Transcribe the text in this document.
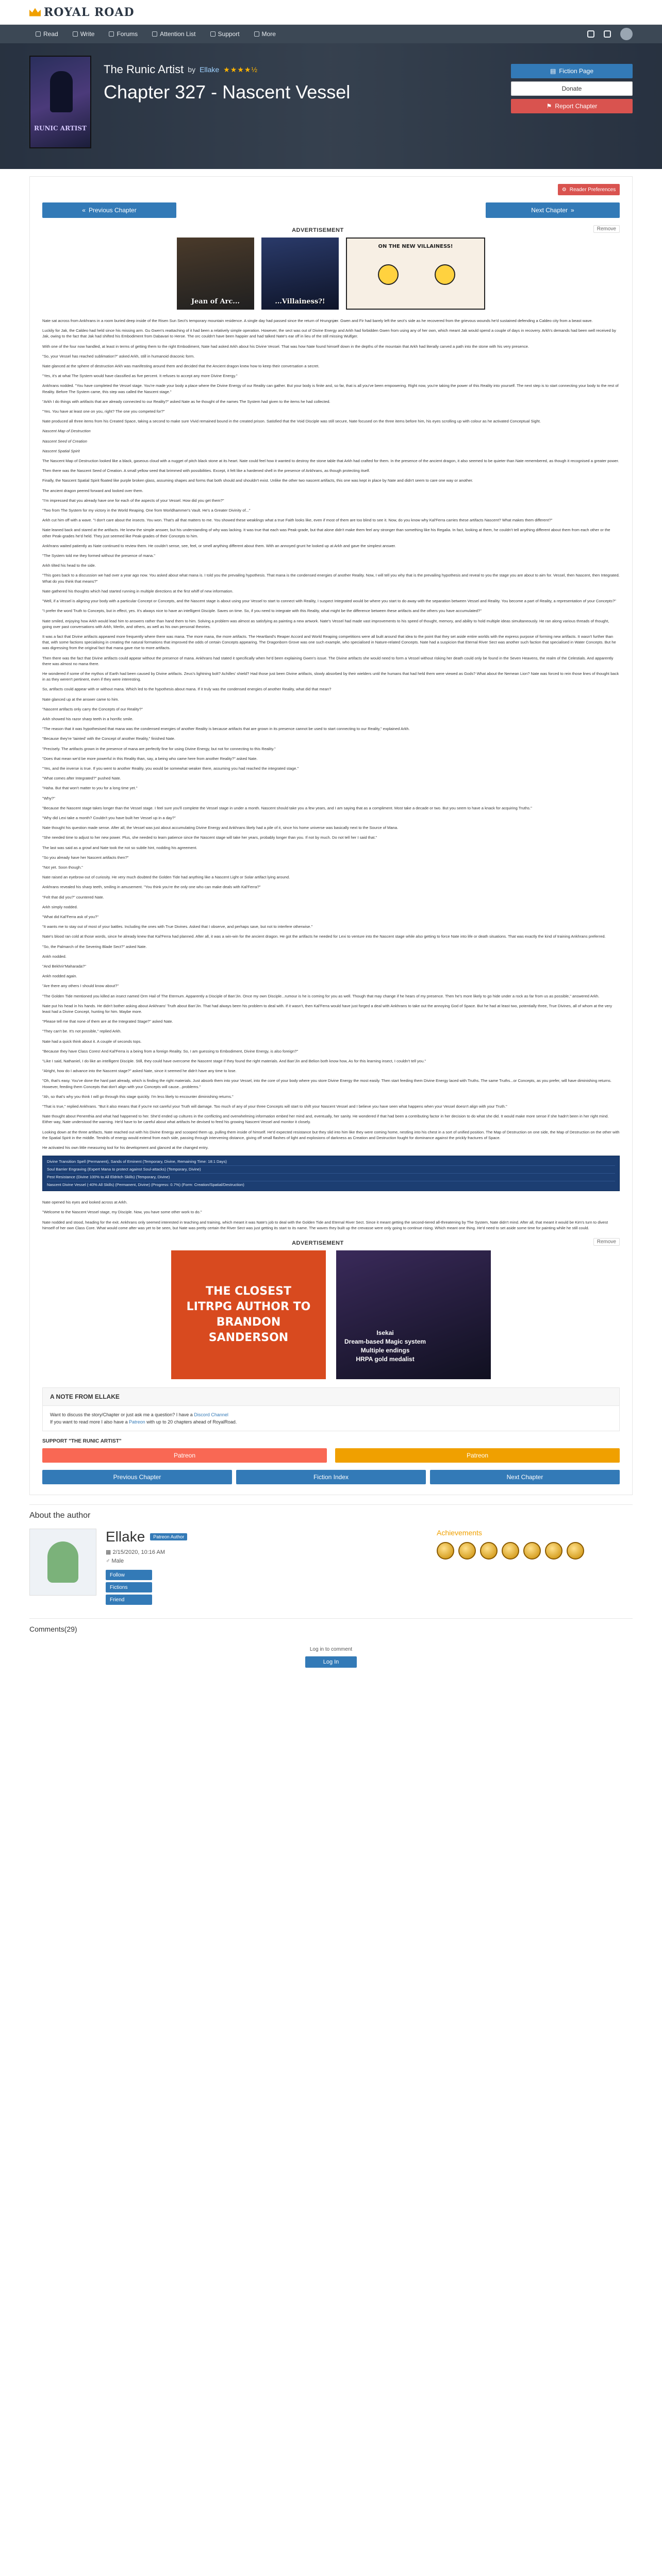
ROYAL ROAD
Read	Write	Forums	Attention List	Support	More
RUNIC ARTIST
The Runic Artist by Ellake ★★★★½
Chapter 327 - Nascent Vessel
▤ Fiction Page
Donate
⚑ Report Chapter
⚙ Reader Preferences
« Previous Chapter	Next Chapter »
ADVERTISEMENT	Remove
Jean of Arc...	...Villainess?!
ON THE NEW VILLAINESS!

Nate sat across from Ankhrans in a room buried deep inside of the Risen Sun Sect's temporary mountain residence. A single day had passed since the return of Hrungnjær. Gwen and Fir had barely left the sect's side as he recovered from the grievous wounds he'd sustained defending a Caldeo city from a beast wave.

Luckily for Jak, the Caldeo had held since his missing arm. Gu Gwen's reattaching of it had been a relatively simple operation. However, the sect was out of Divine Energy and Arkh had forbidden Gwen from using any of her own, which meant Jak would spend a couple of days in recovery. Arkh's demands had been well received by Jak, owing to the fact that Jak had shifted his Embodiment from Dabavari to Heroe. The orc couldn't have been happier and had talked Nate's ear off in lieu of the still missing Wulfger.

With one of the four now handled, at least in terms of getting them to the right Embodiment, Nate had asked Arkh about his Divine Vessel. That was how Nate found himself down in the depths of the mountain that Arkh had literally carved a path into the stone with his very presence.

"So, your Vessel has reached sublimation?" asked Arkh, still in humanoid draconic form.

Nate glanced at the sphere of destruction Arkh was manifesting around them and decided that the Ancient dragon knew how to keep their conversation a secret.

"Yes, it's at what The System would have classified as five percent. It refuses to accept any more Divine Energy."

Ankhrans nodded. "You have completed the Vessel stage. You're made your body a place where the Divine Energy of our Reality can gather. But your body is finite and, so far, that is all you've been empowering. Right now, you're taking the power of this Reality into yourself. The next step is to start connecting your body to the rest of Reality. Before The System came, this step was called the Nascent stage."

"Arkh I do things with artifacts that are already connected to our Reality?" asked Nate as he thought of the names The System had given to the items he had collected.

"Yes. You have at least one on you, right? The one you competed for?"

Nate produced all three items from his Created Space, taking a second to make sure Vivid remained bound in the created prison. Satisfied that the Void Disciple was still secure, Nate focused on the three items before him, his eyes scrolling up with colour as he activated Conceptual Sight.

Nascent Map of Destruction

Nascent Seed of Creation

Nascent Spatial Spirit

The Nascent Map of Destruction looked like a black, gaseous cloud with a nugget of pitch black stone at its heart. Nate could feel how it wanted to destroy the stone table that Arkh had crafted for them. In the presence of the ancient dragon, it also seemed to be quieter than Nate remembered, as though it recognised a greater power.

Then there was the Nascent Seed of Creation. A small yellow seed that brimmed with possibilities. Except, it felt like a hardened shell in the presence of Ankhrans, as though protecting itself.

Finally, the Nascent Spatial Spirit floated like purple broken glass, assuming shapes and forms that both should and shouldn't exist. Unlike the other two nascent artifacts, this one was kept in place by Nate and didn't seem to care one way or another.

The ancient dragon peered forward and looked over them.

"I'm impressed that you already have one for each of the aspects of your Vessel. How did you get them?"

"Two from The System for my victory in the World Reaping. One from Worldhammer's Vault. He's a Greater Divinity of..."

Arkh cut him off with a wave. "I don't care about the insects. You won. That's all that matters to me. You showed these weaklings what a true Faith looks like, even if most of them are too blind to see it. Now, do you know why Kal'Ferra carries these artifacts Nascent? What makes them different?"

Nate leaned back and stared at the artifacts. He knew the simple answer, but his understanding of why was lacking. It was true that each was Peak-grade, but that alone didn't make them feel any stronger than something like his Regalia. In fact, looking at them, he couldn't tell anything different about them from each other or the other Peak-grades he'd held. They just seemed like Peak-grades of their Concepts to him.

Ankhrans waited patiently as Nate continued to review them. He couldn't sense, see, feel, or smell anything different about them. With an annoyed grunt he looked up at Arkh and gave the simplest answer.

"The System told me they formed without the presence of mana."

Arkh tilted his head to the side.

"This goes back to a discussion we had over a year ago now. You asked about what mana is. I told you the prevailing hypothesis. That mana is the condensed energies of another Reality. Now, I will tell you why that is the prevailing hypothesis and reveal to you the stage you are about to aim for. Vessel, then Nascent, then Integrated. What do you think that means?"

Nate gathered his thoughts which had started running in multiple directions at the first whiff of new information.

"Well, if a Vessel is aligning your body with a particular Concept or Concepts, and the Nascent stage is about using your Vessel to start to connect with Reality, I suspect Integrated would be where you start to do away with the separation between Vessel and Reality. You become a part of Reality, a representation of your Concepts?"

"I prefer the word Truth to Concepts, but in effect, yes. It's always nice to have an intelligent Disciple. Saves on time. So, if you need to integrate with this Reality, what might be the difference between these artifacts and the others you have accumulated?"

Nate smiled, enjoying how Arkh would lead him to answers rather than hand them to him. Solving a problem was almost as satisfying as painting a new artwork. Nate's Vessel had made vast improvements to his speed of thought, memory, and ability to hold multiple ideas simultaneously. He ran along various threads of thought, going over past conversations with Arkh, Merlin, and others, as well as his own personal theories.

It was a fact that Divine artifacts appeared more frequently where there was mana. The more mana, the more artifacts. The Heartland's Reaper Accord and World Reaping competitions were all built around that idea to the point that they set aside entire worlds with the express purpose of forming new artifacts. It wasn't further than that, with some factions specialising in creating the natural formations that improved the odds of certain Concepts appearing. The Dragonborn Grove was one such example, who specialised in Nature-related Concepts. Nate had a suspicion that Eternal River Sect was another such faction that specialised in Water Concepts. But he was digressing from the original fact that mana gave rise to more artifacts.

Then there was the fact that Divine artifacts could appear without the presence of mana. Ankhrans had stated it specifically when he'd been explaining Gwen's issue. The Divine artifacts she would need to form a Vessel without risking her death could only be found in the Seven Heavens, the realm of the Celestials. And apparently there was almost no mana there.

He wondered if some of the mythos of Earth had been caused by Divine artifacts. Zeus's lightning bolt? Achilles' shield? Had those just been Divine artifacts, slowly absorbed by their wielders until the humans that had held them were viewed as Gods? What about the Nemean Lion? Nate was forced to rein those lines of thought back in as they weren't pertinent, even if they were interesting.

So, artifacts could appear with or without mana. Which led to the hypothesis about mana. If it truly was the condensed energies of another Reality, what did that mean?

Nate glanced up at the answer came to him.

"Nascent artifacts only carry the Concepts of our Reality?"

Arkh showed his razor sharp teeth in a horrific smile.

"The reason that it was hypothesised that mana was the condensed energies of another Reality is because artifacts that are grown in its presence cannot be used to start connecting to our Reality," explained Arkh.

"Because they're 'tainted' with the Concept of another Reality," finished Nate.

"Precisely. The artifacts grown in the presence of mana are perfectly fine for using Divine Energy, but not for connecting to this Reality."

"Does that mean we'd be more powerful in this Reality than, say, a being who came here from another Reality?" asked Nate.

"Yes, and the inverse is true. If you went to another Reality, you would be somewhat weaker there, assuming you had reached the integrated stage."

"What comes after Integrated?" pushed Nate.

"Haha. But that won't matter to you for a long time yet."

"Why?"

"Because the Nascent stage takes longer than the Vessel stage. I feel sure you'll complete the Vessel stage in under a month. Nascent should take you a few years, and I am saying that as a compliment. Most take a decade or two. But you seem to have a knack for acquiring Truths."

"Why did Lexi take a month? Couldn't you have built her Vessel up in a day?"

Nate thought his question made sense. After all, the Vessel was just about accumulating Divine Energy and Ankhrans likely had a pile of it, since his home universe was basically next to the Source of Mana.

"She needed time to adjust to her new power. Plus, she needed to learn patience since the Nascent stage will take her years, probably longer than you. If not by much. Do not tell her I said that."

The last was said as a growl and Nate took the not so subtle hint, nodding his agreement.

"So you already have her Nascent artifacts then?"

"Not yet. Soon though."

Nate raised an eyebrow out of curiosity. He very much doubted the Golden Tide had anything like a Nascent Light or Solar artifact lying around.

Ankhrans revealed his sharp teeth, smiling in amusement. "You think you're the only one who can make deals with Kal'Ferra?"

"Felt that did you?" countered Nate.

Arkh simply nodded.

"What did Kal'Ferra ask of you?"

"It wants me to stay out of most of your battles. Including the ones with True Divines. Asked that I observe, and perhaps save, but not to interfere otherwise."

Nate's blood ran cold at those words, since he already knew that Kal'Ferra had planned. After all, it was a win-win for the ancient dragon. He got the artifacts he needed for Lexi to venture into the Nascent stage while also getting to force Nate into life or death situations. That was exactly the kind of training Ankhrans preferred.

"So, the Palmarch of the Severing Blade Sect?" asked Nate.

Ankh nodded.

"And Bekhrir'Maharada?"

Ankh nodded again.

"Are there any others I should know about?"

"The Golden Tide mentioned you killed an insect named Orm Hail of The Eternum. Apparently a Disciple of Ban'Jin. Once my own Disciple...rumour is he is coming for you as well. Though that may change if he hears of my presence. Then he's more likely to go hide under a rock as far from us as possible," answered Arkh.

Nate put his head in his hands. He didn't bother asking about Ankhrans' Truth about Ban'Jin. That had always been his problem to deal with. If it wasn't, then Kal'Ferra would have just forged a deal with Ankhrans to take out the annoying God of Space. But he had at least two, potentially three, True Divines, all of whom at the very least had a Divine Concept, hunting for him. Maybe more.

"Please tell me that none of them are at the Integrated Stage?" asked Nate.

"They can't be. It's not possible," replied Arkh.

Nate had a quick think about it. A couple of seconds tops.

"Because they have Class Cores! And Kal'Ferra is a being from a foreign Reality. So, I am guessing to Embodiment, Divine Energy, is also foreign?"

"Like I said, Nathaniel, I do like an intelligent Disciple. Still, they could have overcome the Nascent stage if they found the right materials. And Ban'Jin and Belion both know how, As for this learning insect, I couldn't tell you."

"Alright, how do I advance into the Nascent stage?" asked Nate, since it seemed he didn't have any time to lose.

"Oh, that's easy. You've done the hard part already, which is finding the right materials. Just absorb them into your Vessel, into the core of your body where you store Divine Energy the most easily. Then start feeding them Divine Energy laced with Truths. The same Truths...or Concepts, as you prefer, will have diminishing returns. However, feeding them Concepts that don't align with your Concepts will cause...problems."

"Ah, so that's why you think I will go through this stage quickly. I'm less likely to encounter diminishing returns."

"That is true," replied Ankhrans. "But it also means that if you're not careful your Truth will damage. Too much of any of your three Concepts will start to shift your Nascent Vessel and I believe you have seen what happens when your Vessel doesn't align with your Truth."

Nate thought about Penenthia and what had happened to her. She'd ended up cultures in the conflicting and overwhelming information embed her mind and, eventually, her sanity. He wondered if that had been a contributing factor in her decision to do what she did. It would make more sense if she hadn't been in her right mind. Either way, Nate understood the warning. He'd have to be careful about what artifacts he devised to feed his growing Nascent Vessel and monitor it closely.

Looking down at the three artifacts, Nate reached out with his Divine Energy and scooped them up, pulling them inside of himself. He'd expected resistance but they slid into him like they were coming home, nestling into his chest in a sort of unified position. The Map of Destruction on one side, the Map of Destruction on the other with the Spatial Spirit in the middle. Tendrils of energy would extend from each side, passing through intervening distance, giving off small flashes of light and explosions of darkness as Creation and Destruction fought for dominance against the prickly fractures of Space.

He activated his own little measuring tool for his development and glanced at the changed entry.

Divine Transition Spell (Permanent), Sands of Eminent (Temporary, Divine, Remaining Time: 18:1 Days)
Soul Barrier Engraving (Expert Mana to protect against Soul-attacks) (Temporary, Divine)
Pest Resistance (Divine 100% to All Eldritch Skills) (Temporary, Divine)
Nascent Divine Vessel (-40% All Skills) (Permanent, Divine) (Progress: 0.7%) (Form: Creation/Spatial/Destruction)

Nate opened his eyes and looked across at Arkh.

"Welcome to the Nascent Vessel stage, my Disciple. Now, you have some other work to do."

Nate nodded and stood, heading for the exit. Ankhrans only seemed interested in teaching and training, which meant it was Nate's job to deal with the Golden Tide and Eternal River Sect. Since it meant getting the second-tiered all-threatening by The System, Nate didn't mind. After all, that meant it would be Kim's turn to divest himself of her own Class Core. What would come after was yet to be seen, but Nate was pretty certain the River Sect was just getting its start to its name. The waves they built up the crevasse were only going to continue rising. Which meant one thing. He'd need to set aside some time for painting while he still could.

ADVERTISEMENT	Remove
THE CLOSEST LITRPG AUTHOR TO BRANDON SANDERSON	Isekai
Dream-based Magic system
Multiple endings
HRPA gold medalist
A NOTE FROM ELLAKE
Want to discuss the story/Chapter or just ask me a question? I have a Discord Channel
If you want to read more I also have a Patreon with up to 20 chapters ahead of RoyalRoad.
SUPPORT "THE RUNIC ARTIST"
Patreon	Patreon
Previous Chapter	Fiction Index	Next Chapter
About the author
Ellake	Patreon Author
▦ 2/15/2020, 10:16 AM
♂ Male
Follow
Fictions
Friend
Achievements
Comments(29)
Log in to comment
Log In
